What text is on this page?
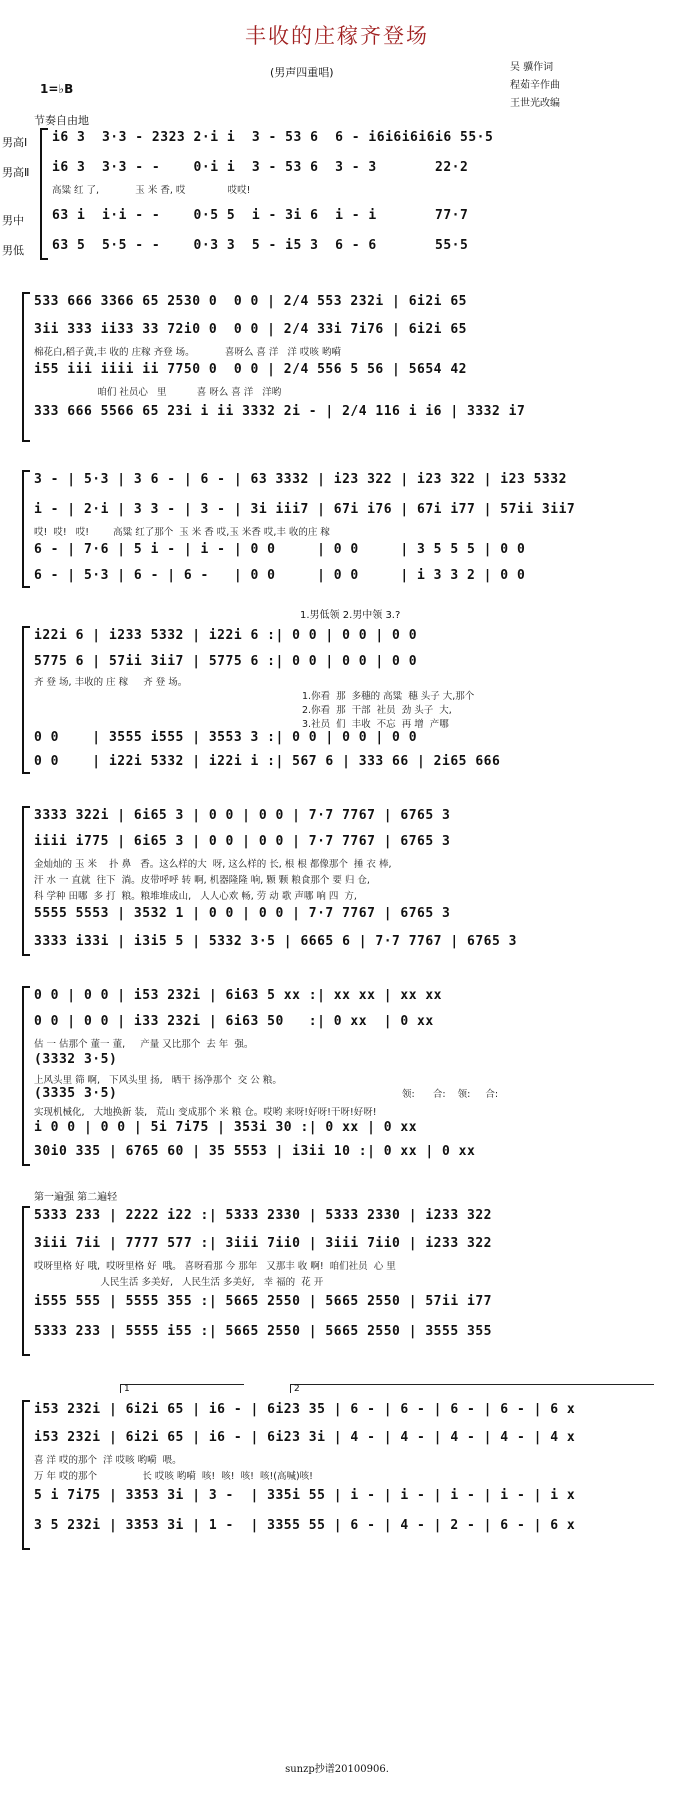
丰收的庄稼齐登场
(男声四重唱)
1=♭B
吴 骥作词
程茹辛作曲
王世光改编
节奏自由地
男高Ⅰ
男高Ⅱ
男中
男低
i6 3  3·3 - 2323 2·i i  3 - 53 6  6 - i6i6i6i6i6 55·5
i6 3  3·3 - -    0·i i  3 - 53 6  3 - 3       22·2
高粱 红 了,            玉 米 香, 哎              哎哎!
63 i  i·i - -    0·5 5  i - 3i 6  i - i       77·7
63 5  5·5 - -    0·3 3  5 - i5 3  6 - 6       55·5
533 666 3366 65 2530 0  0 0 | 2/4 553 232i | 6i2i 65
3ii 333 ii33 33 72i0 0  0 0 | 2/4 33i 7i76 | 6i2i 65
棉花白,稻子黄,丰 收的 庄稼 齐登 场。          喜呀么 喜 洋   洋 哎咳 哟嗬
i55 iii iiii ii 7750 0  0 0 | 2/4 556 5 56 | 5654 42
咱们 社员心   里          喜 呀么 喜 洋   洋哟
333 666 5566 65 23i i ii 3332 2i - | 2/4 116 i i6 | 3332 i7
3 - | 5·3 | 3 6 - | 6 - | 63 3332 | i23 322 | i23 322 | i23 5332
i - | 2·i | 3 3 - | 3 - | 3i iii7 | 67i i76 | 67i i77 | 57ii 3ii7
哎!  哎!   哎!        高粱 红了那个  玉 米 香 哎,玉 米香 哎,丰 收的庄 稼
6 - | 7·6 | 5 i - | i - | 0 0     | 0 0     | 3 5 5 5 | 0 0
6 - | 5·3 | 6 - | 6 -   | 0 0     | 0 0     | i 3 3 2 | 0 0
1.男低领 2.男中领 3.?
i22i 6 | i233 5332 | i22i 6 :| 0 0 | 0 0 | 0 0
5775 6 | 57ii 3ii7 | 5775 6 :| 0 0 | 0 0 | 0 0
齐 登 场, 丰收的 庄 稼     齐 登 场。
1.你看  那  多穗的 高粱  穗 头子 大,那个
2.你看  那  干部  社员  劲 头子  大,
3.社员  们  丰收  不忘  再 增  产哪
0 0    | 3555 i555 | 3553 3 :| 0 0 | 0 0 | 0 0
0 0    | i22i 5332 | i22i i :| 567 6 | 333 66 | 2i65 666
3333 322i | 6i65 3 | 0 0 | 0 0 | 7·7 7767 | 6765 3
iiii i775 | 6i65 3 | 0 0 | 0 0 | 7·7 7767 | 6765 3
金灿灿的 玉 米    扑 鼻   香。这么样的大  呀, 这么样的 长, 根 根 都像那个  捶 衣 棒,
汗 水 一 直就  往下  淌。皮带呼呼 转 啊, 机器隆隆 响, 颗 颗 粮食那个 要 归 仓,
科 学种 田哪  多 打  粮。粮堆堆成山,   人人心欢 畅, 劳 动 歌 声哪 响 四  方,
5555 5553 | 3532 1 | 0 0 | 0 0 | 7·7 7767 | 6765 3
3333 i33i | i3i5 5 | 5332 3·5 | 6665 6 | 7·7 7767 | 6765 3
0 0 | 0 0 | i53 232i | 6i63 5 xx :| xx xx | xx xx
0 0 | 0 0 | i33 232i | 6i63 50   :| 0 xx  | 0 xx
估 一 估那个 董一 董,     产量 又比那个  去 年  强。
(3332 3·5)
上风头里 筛 啊,   下风头里 扬,   晒干 扬净那个  交 公 粮。
(3335 3·5)	领:      合:    领:     合:
实现机械化,   大地换新 装,   荒山 变成那个 米 粮 仓。哎哟 来呀!好呀!干呀!好呀!
i 0 0 | 0 0 | 5i 7i75 | 353i 30 :| 0 xx | 0 xx
30i0 335 | 6765 60 | 35 5553 | i3ii 10 :| 0 xx | 0 xx
第一遍强 第二遍轻
5333 233 | 2222 i22 :| 5333 2330 | 5333 2330 | i233 322
3iii 7ii | 7777 577 :| 3iii 7ii0 | 3iii 7ii0 | i233 322
哎呀里格 好 哦,  哎呀里格 好  哦。 喜呀看那 今 那年   又那丰 收 啊!  咱们社员  心 里
人民生活 多美好,   人民生活 多美好,   幸 福的  花 开
i555 555 | 5555 355 :| 5665 2550 | 5665 2550 | 57ii i77
5333 233 | 5555 i55 :| 5665 2550 | 5665 2550 | 3555 355
1	2
i53 232i | 6i2i 65 | i6 - | 6i23 35 | 6 - | 6 - | 6 - | 6 - | 6 x
i53 232i | 6i2i 65 | i6 - | 6i23 3i | 4 - | 4 - | 4 - | 4 - | 4 x
喜 洋 哎的那个  洋 哎咳 哟嗬  喂。
万 年 哎的那个               长 哎咳 哟嗬  咳!  咳!  咳!  咳!(高喊)咳!
5 i 7i75 | 3353 3i | 3 -  | 335i 55 | i - | i - | i - | i - | i x
3 5 232i | 3353 3i | 1 -  | 3355 55 | 6 - | 4 - | 2 - | 6 - | 6 x
sunzp抄谱20100906.
